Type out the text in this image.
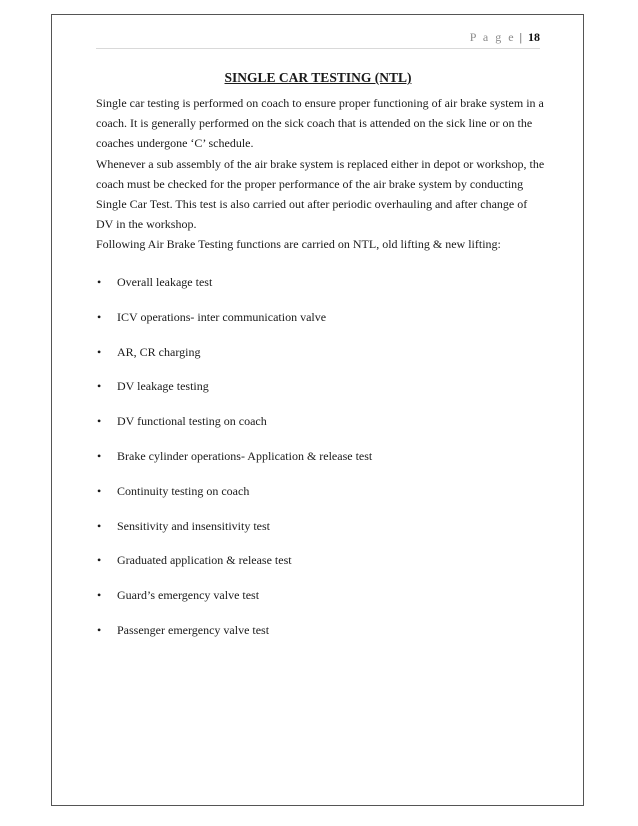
P a g e | 18
SINGLE CAR TESTING (NTL)

Single car testing is performed on coach to ensure proper functioning of air brake system in a coach. It is generally performed on the sick coach that is attended on the sick line or on the coaches undergone ‘C’ schedule.

Whenever a sub assembly of the air brake system is replaced either in depot or workshop, the coach must be checked for the proper performance of the air brake system by conducting Single Car Test. This test is also carried out after periodic overhauling and after change of DV in the workshop.

Following Air Brake Testing functions are carried on NTL, old lifting & new lifting:

• Overall leakage test
• ICV operations- inter communication valve
• AR, CR charging
• DV leakage testing
• DV functional testing on coach
• Brake cylinder operations- Application & release test
• Continuity testing on coach
• Sensitivity and insensitivity test
• Graduated application & release test
• Guard’s emergency valve test
• Passenger emergency valve test
